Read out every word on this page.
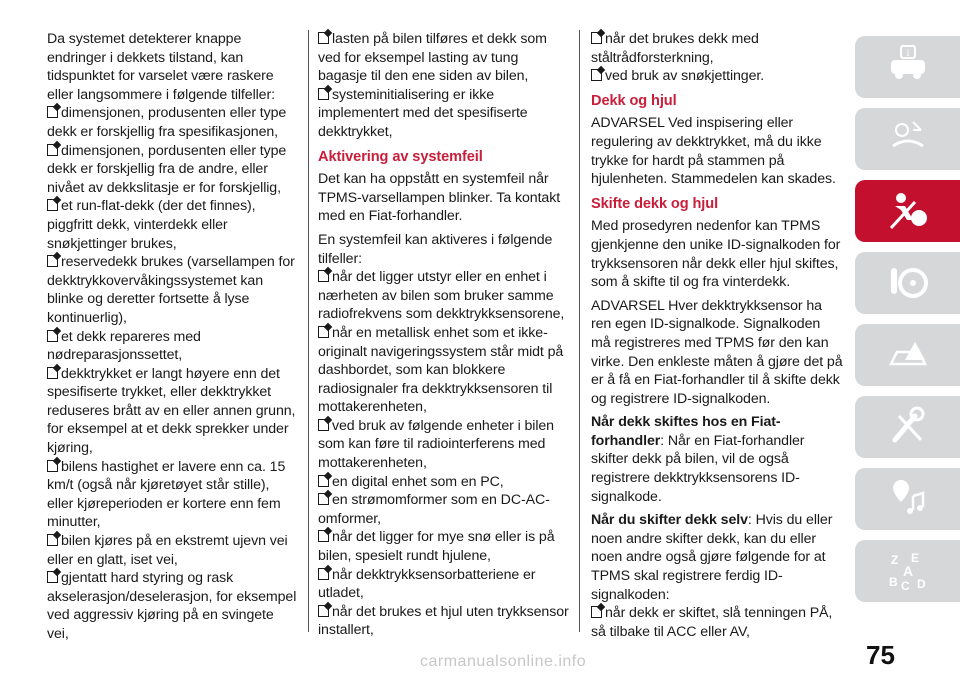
Da systemet detekterer knappe endringer i dekkets tilstand, kan tidspunktet for varselet være raskere eller langsommere i følgende tilfeller:

dimensjonen, produsenten eller type dekk er forskjellig fra spesifikasjonen,
dimensjonen, pordusenten eller type dekk er forskjellig fra de andre, eller nivået av dekkslitasje er for forskjellig,
et run-flat-dekk (der det finnes), piggfritt dekk, vinterdekk eller snøkjettinger brukes,
reservedekk brukes (varsellampen for dekktrykkovervåkingssystemet kan blinke og deretter fortsette å lyse kontinuerlig),
et dekk repareres med nødreparasjonssettet,
dekktrykket er langt høyere enn det spesifiserte trykket, eller dekktrykket reduseres brått av en eller annen grunn, for eksempel at et dekk sprekker under kjøring,
bilens hastighet er lavere enn ca. 15 km/t (også når kjøretøyet står stille), eller kjøreperioden er kortere enn fem minutter,
bilen kjøres på en ekstremt ujevn vei eller en glatt, iset vei,
gjentatt hard styring og rask akselerasjon/deselerasjon, for eksempel ved aggressiv kjøring på en svingete vei,
lasten på bilen tilføres et dekk som ved for eksempel lasting av tung bagasje til den ene siden av bilen,
systeminitialisering er ikke implementert med det spesifiserte dekktrykket,
Aktivering av systemfeil

Det kan ha oppstått en systemfeil når TPMS-varsellampen blinker. Ta kontakt med en Fiat-forhandler.

En systemfeil kan aktiveres i følgende tilfeller:

når det ligger utstyr eller en enhet i nærheten av bilen som bruker samme radiofrekvens som dekktrykksensorene,
når en metallisk enhet som et ikke-originalt navigeringssystem står midt på dashbordet, som kan blokkere radiosignaler fra dekktrykksensoren til mottakerenheten,
ved bruk av følgende enheter i bilen som kan føre til radiointerferens med mottakerenheten,
en digital enhet som en PC,
en strømomformer som en DC-AC-omformer,
når det ligger for mye snø eller is på bilen, spesielt rundt hjulene,
når dekktrykksensorbatteriene er utladet,
når det brukes et hjul uten trykksensor installert,
når det brukes dekk med ståltrådforsterkning,
ved bruk av snøkjettinger.
Dekk og hjul

ADVARSEL Ved inspisering eller regulering av dekktrykket, må du ikke trykke for hardt på stammen på hjulenheten. Stammedelen kan skades.

Skifte dekk og hjul

Med prosedyren nedenfor kan TPMS gjenkjenne den unike ID-signalkoden for trykksensoren når dekk eller hjul skiftes, som å skifte til og fra vinterdekk.

ADVARSEL Hver dekktrykksensor ha ren egen ID-signalkode. Signalkoden må registreres med TPMS før den kan virke. Den enkleste måten å gjøre det på er å få en Fiat-forhandler til å skifte dekk og registrere ID-signalkoden.

Når dekk skiftes hos en Fiat-forhandler: Når en Fiat-forhandler skifter dekk på bilen, vil de også registrere dekktrykksensorens ID-signalkode.

Når du skifter dekk selv: Hvis du eller noen andre skifter dekk, kan du eller noen andre også gjøre følgende for at TPMS skal registrere ferdig ID-signalkoden:

når dekk er skiftet, slå tenningen PÅ, så tilbake til ACC eller AV,
i
Z E
A
B C D
75
carmanualsonline.info
